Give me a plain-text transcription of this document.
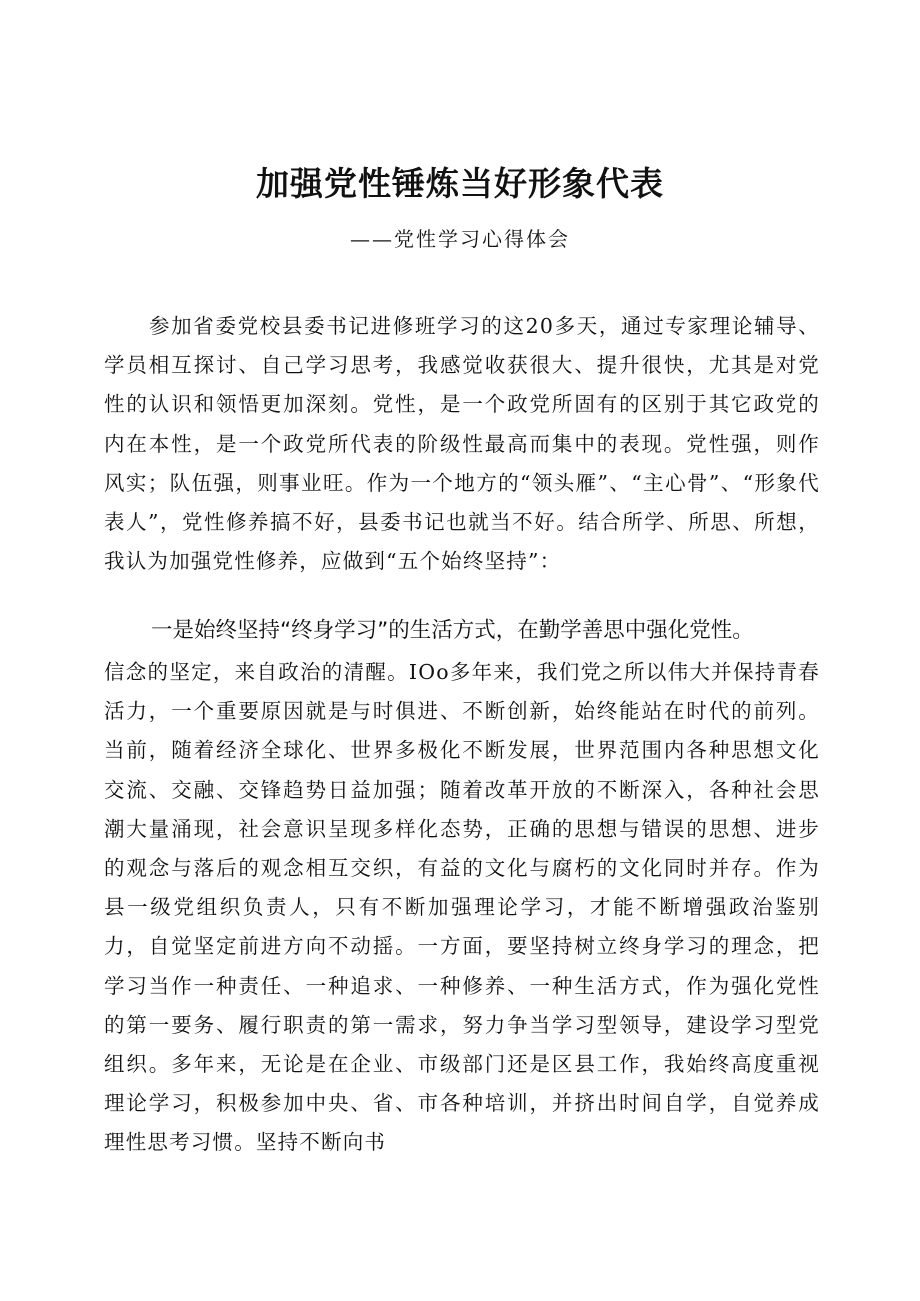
加强党性锤炼当好形象代表
——党性学习心得体会

参加省委党校县委书记进修班学习的这20多天，通过专家理论辅导、学员相互探讨、自己学习思考，我感觉收获很大、提升很快，尤其是对党性的认识和领悟更加深刻。党性，是一个政党所固有的区别于其它政党的内在本性，是一个政党所代表的阶级性最高而集中的表现。党性强，则作风实；队伍强，则事业旺。作为一个地方的“领头雁”、“主心骨”、“形象代表人”，党性修养搞不好，县委书记也就当不好。结合所学、所思、所想，我认为加强党性修养，应做到“五个始终坚持”：

一是始终坚持“终身学习”的生活方式，在勤学善思中强化党性。

信念的坚定，来自政治的清醒。IOo多年来，我们党之所以伟大并保持青春活力，一个重要原因就是与时俱进、不断创新，始终能站在时代的前列。当前，随着经济全球化、世界多极化不断发展，世界范围内各种思想文化交流、交融、交锋趋势日益加强；随着改革开放的不断深入，各种社会思潮大量涌现，社会意识呈现多样化态势，正确的思想与错误的思想、进步的观念与落后的观念相互交织，有益的文化与腐朽的文化同时并存。作为县一级党组织负责人，只有不断加强理论学习，才能不断增强政治鉴别力，自觉坚定前进方向不动摇。一方面，要坚持树立终身学习的理念，把学习当作一种责任、一种追求、一种修养、一种生活方式，作为强化党性的第一要务、履行职责的第一需求，努力争当学习型领导，建设学习型党组织。多年来，无论是在企业、市级部门还是区县工作，我始终高度重视理论学习，积极参加中央、省、市各种培训，并挤出时间自学，自觉养成理性思考习惯。坚持不断向书
